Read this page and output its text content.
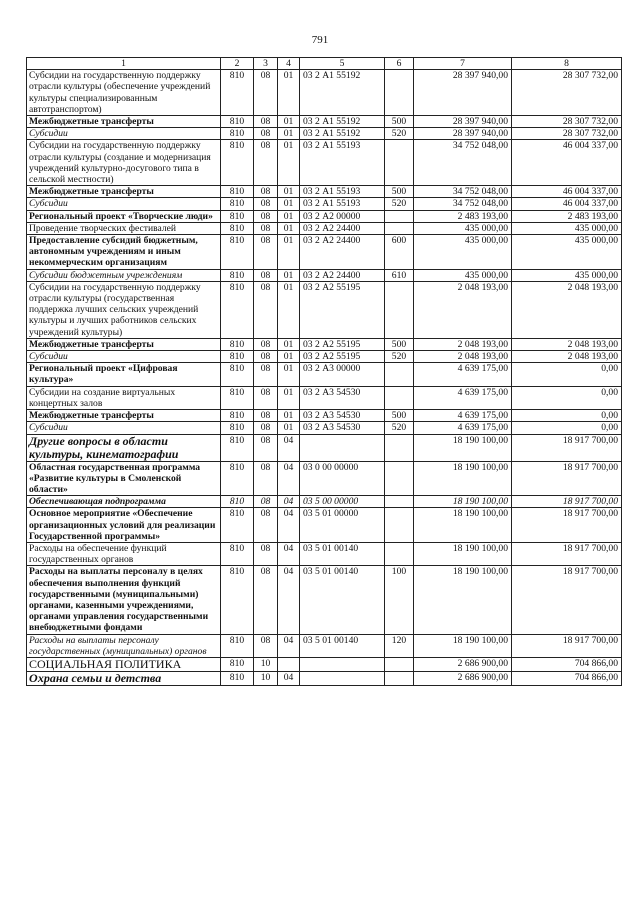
791
1	2	3	4	5	6	7	8
Субсидии на государственную поддержку отрасли культуры (обеспечение учреждений культуры специализированным автотранспортом)	810	08	01	03 2 А1 55192		28 397 940,00	28 307 732,00
Межбюджетные трансферты	810	08	01	03 2 А1 55192	500	28 397 940,00	28 307 732,00
Субсидии	810	08	01	03 2 А1 55192	520	28 397 940,00	28 307 732,00
Субсидии на государственную поддержку отрасли культуры (создание и модернизация учреждений культурно-досугового типа в сельской местности)	810	08	01	03 2 А1 55193		34 752 048,00	46 004 337,00
Межбюджетные трансферты	810	08	01	03 2 А1 55193	500	34 752 048,00	46 004 337,00
Субсидии	810	08	01	03 2 А1 55193	520	34 752 048,00	46 004 337,00
Региональный проект «Творческие люди»	810	08	01	03 2 А2 00000		2 483 193,00	2 483 193,00
Проведение творческих фестивалей	810	08	01	03 2 А2 24400		435 000,00	435 000,00
Предоставление субсидий бюджетным, автономным учреждениям и иным некоммерческим организациям	810	08	01	03 2 А2 24400	600	435 000,00	435 000,00
Субсидии бюджетным учреждениям	810	08	01	03 2 А2 24400	610	435 000,00	435 000,00
Субсидии на государственную поддержку отрасли культуры (государственная поддержка лучших сельских учреждений культуры и лучших работников сельских учреждений культуры)	810	08	01	03 2 А2 55195		2 048 193,00	2 048 193,00
Межбюджетные трансферты	810	08	01	03 2 А2 55195	500	2 048 193,00	2 048 193,00
Субсидии	810	08	01	03 2 А2 55195	520	2 048 193,00	2 048 193,00
Региональный проект «Цифровая культура»	810	08	01	03 2 А3 00000		4 639 175,00	0,00
Субсидии на создание виртуальных концертных залов	810	08	01	03 2 А3 54530		4 639 175,00	0,00
Межбюджетные трансферты	810	08	01	03 2 А3 54530	500	4 639 175,00	0,00
Субсидии	810	08	01	03 2 А3 54530	520	4 639 175,00	0,00
Другие вопросы в области культуры, кинематографии	810	08	04			18 190 100,00	18 917 700,00
Областная государственная программа «Развитие культуры в Смоленской области»	810	08	04	03 0 00 00000		18 190 100,00	18 917 700,00
Обеспечивающая подпрограмма	810	08	04	03 5 00 00000		18 190 100,00	18 917 700,00
Основное мероприятие «Обеспечение организационных условий для реализации Государственной программы»	810	08	04	03 5 01 00000		18 190 100,00	18 917 700,00
Расходы на обеспечение функций государственных органов	810	08	04	03 5 01 00140		18 190 100,00	18 917 700,00
Расходы на выплаты персоналу в целях обеспечения выполнения функций государственными (муниципальными) органами, казенными учреждениями, органами управления государственными внебюджетными фондами	810	08	04	03 5 01 00140	100	18 190 100,00	18 917 700,00
Расходы на выплаты персоналу государственных (муниципальных) органов	810	08	04	03 5 01 00140	120	18 190 100,00	18 917 700,00
СОЦИАЛЬНАЯ ПОЛИТИКА	810	10				2 686 900,00	704 866,00
Охрана семьи и детства	810	10	04			2 686 900,00	704 866,00
